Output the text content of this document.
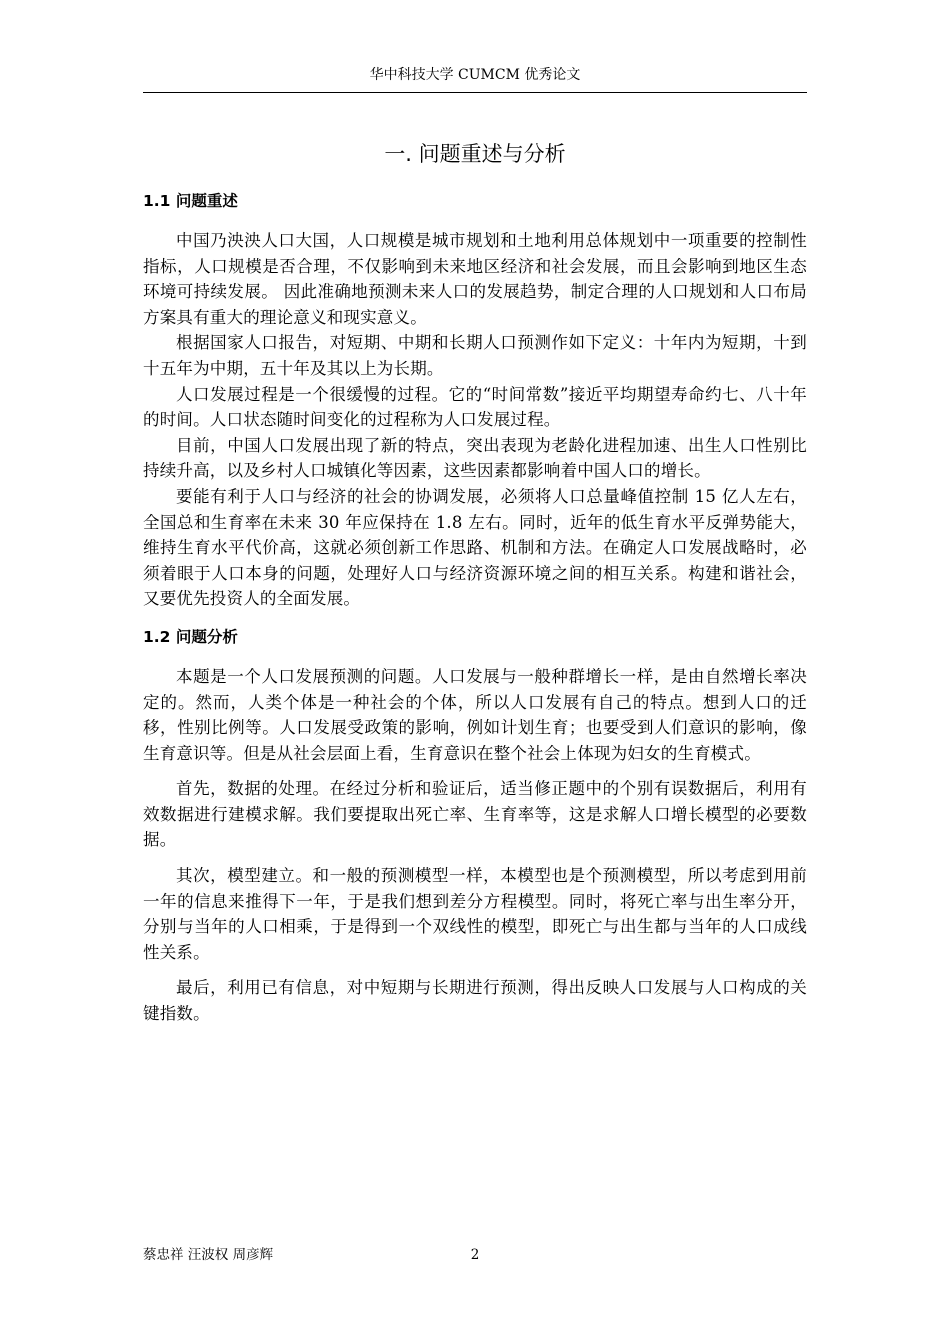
华中科技大学 CUMCM 优秀论文
一. 问题重述与分析
1.1 问题重述

中国乃泱泱人口大国，人口规模是城市规划和土地利用总体规划中一项重要的控制性指标，人口规模是否合理，不仅影响到未来地区经济和社会发展，而且会影响到地区生态环境可持续发展。 因此准确地预测未来人口的发展趋势，制定合理的人口规划和人口布局方案具有重大的理论意义和现实意义。

根据国家人口报告，对短期、中期和长期人口预测作如下定义：十年内为短期，十到十五年为中期，五十年及其以上为长期。

人口发展过程是一个很缓慢的过程。它的“时间常数”接近平均期望寿命约七、八十年的时间。人口状态随时间变化的过程称为人口发展过程。

目前，中国人口发展出现了新的特点，突出表现为老龄化进程加速、出生人口性别比持续升高，以及乡村人口城镇化等因素，这些因素都影响着中国人口的增长。

要能有利于人口与经济的社会的协调发展，必须将人口总量峰值控制 15 亿人左右，全国总和生育率在未来 30 年应保持在 1.8 左右。同时，近年的低生育水平反弹势能大，维持生育水平代价高，这就必须创新工作思路、机制和方法。在确定人口发展战略时，必须着眼于人口本身的问题，处理好人口与经济资源环境之间的相互关系。构建和谐社会，又要优先投资人的全面发展。

1.2 问题分析

本题是一个人口发展预测的问题。人口发展与一般种群增长一样，是由自然增长率决定的。然而，人类个体是一种社会的个体，所以人口发展有自己的特点。想到人口的迁移，性别比例等。人口发展受政策的影响，例如计划生育；也要受到人们意识的影响，像生育意识等。但是从社会层面上看，生育意识在整个社会上体现为妇女的生育模式。

首先，数据的处理。在经过分析和验证后，适当修正题中的个别有误数据后，利用有效数据进行建模求解。我们要提取出死亡率、生育率等，这是求解人口增长模型的必要数据。

其次，模型建立。和一般的预测模型一样，本模型也是个预测模型，所以考虑到用前一年的信息来推得下一年，于是我们想到差分方程模型。同时，将死亡率与出生率分开，分别与当年的人口相乘，于是得到一个双线性的模型，即死亡与出生都与当年的人口成线性关系。

最后，利用已有信息，对中短期与长期进行预测，得出反映人口发展与人口构成的关键指数。

蔡忠祥 汪波权 周彦辉	2
